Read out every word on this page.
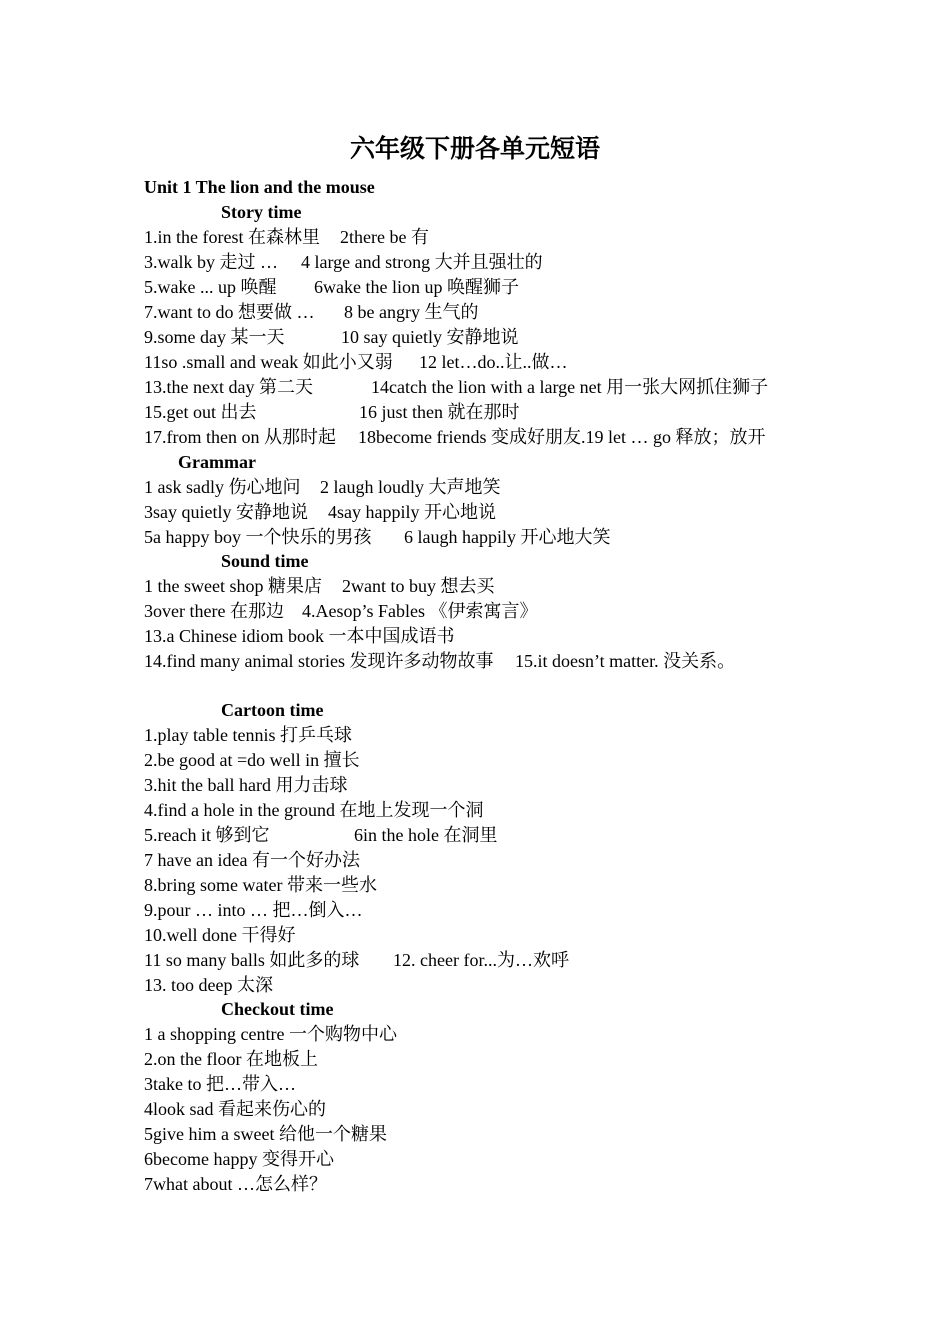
六年级下册各单元短语
Unit 1 The lion and the mouse
Story time
1.in the forest 在森林里 2there be 有
3.walk by 走过 … 4 large and strong 大并且强壮的
5.wake ... up 唤醒 6wake the lion up 唤醒狮子
7.want to do 想要做 … 8 be angry 生气的
9.some day 某一天	10 say quietly 安静地说
11so .small and weak 如此小又弱 12 let…do..让..做…
13.the next day 第二天	14catch the lion with a large net 用一张大网抓住狮子
15.get out 出去	16 just then 就在那时
17.from then on 从那时起 18become friends 变成好朋友.19 let … go 释放；放开
Grammar
1 ask sadly 伤心地问 2 laugh loudly 大声地笑
3say quietly 安静地说 4say happily 开心地说
5a happy boy 一个快乐的男孩 6 laugh happily 开心地大笑
Sound time
1 the sweet shop 糖果店 2want to buy 想去买
3over there 在那边 4.Aesop’s Fables 《伊索寓言》
13.a Chinese idiom book 一本中国成语书
14.find many animal stories 发现许多动物故事 15.it doesn’t matter. 没关系。
Cartoon time
1.play table tennis 打乒乓球
2.be good at =do well in 擅长
3.hit the ball hard 用力击球
4.find a hole in the ground 在地上发现一个洞
5.reach it 够到它	6in the hole 在洞里
7 have an idea 有一个好办法
8.bring some water 带来一些水
9.pour … into … 把…倒入…
10.well done 干得好
11 so many balls 如此多的球 12. cheer for...为…欢呼
13. too deep 太深
Checkout time
1 a shopping centre 一个购物中心
2.on the floor 在地板上
3take to 把…带入…
4look sad 看起来伤心的
5give him a sweet 给他一个糖果
6become happy 变得开心
7what about …怎么样？
